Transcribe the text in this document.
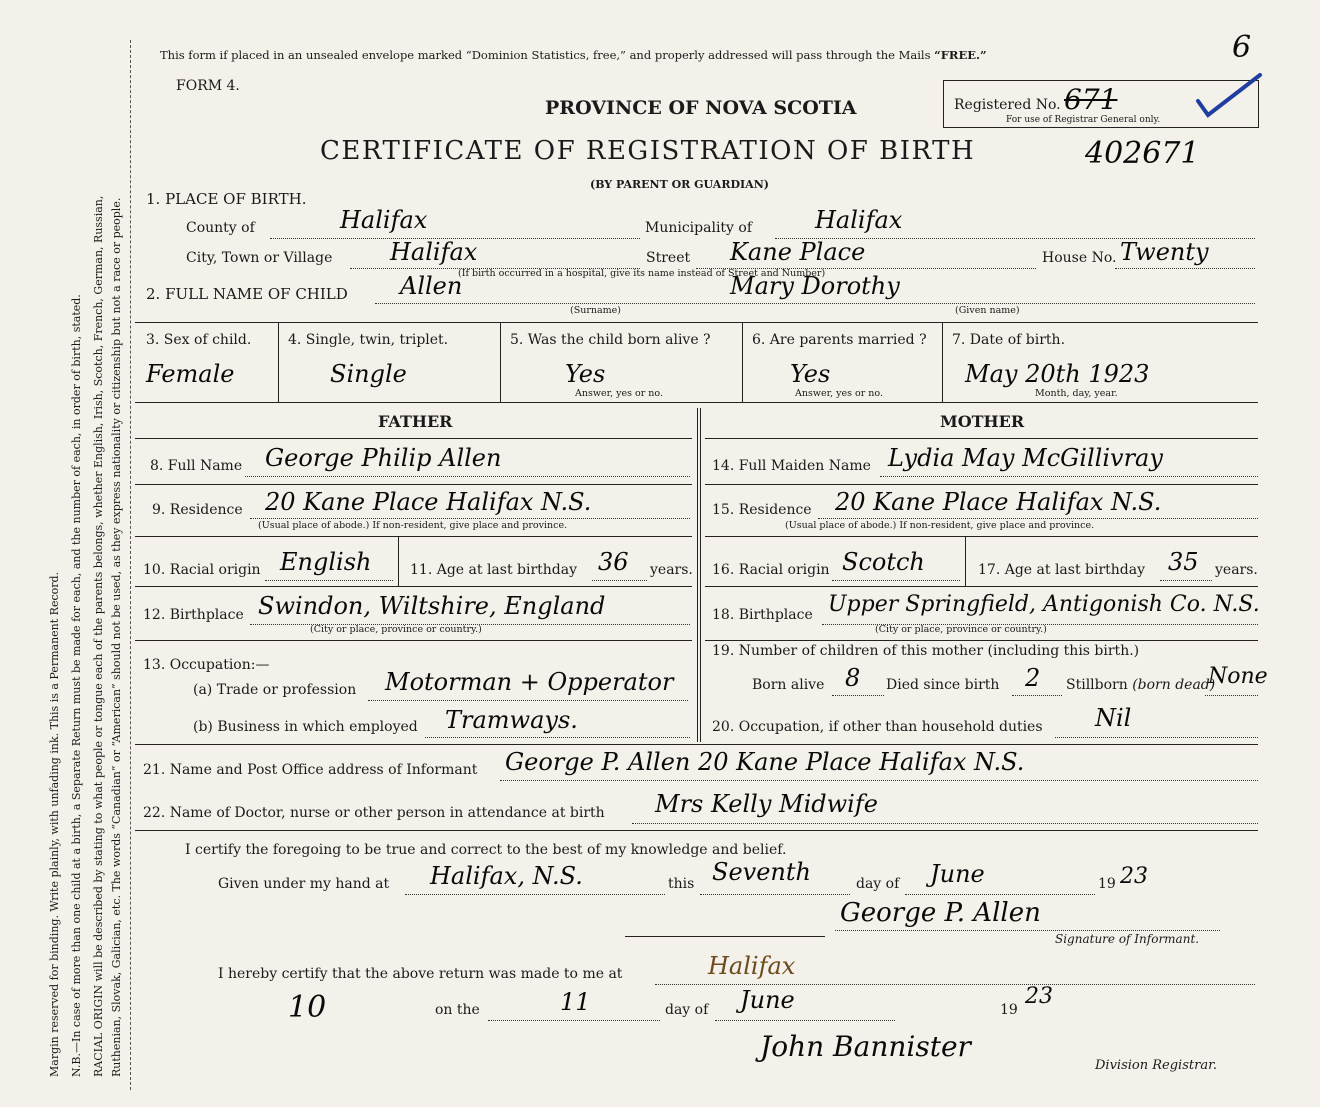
Margin reserved for binding. Write plainly, with unfading ink. This is a Permanent Record. N.B.—In case of more than one child at a birth, a Separate Return must be made for each, and the number of each, in order of birth, stated. RACIAL ORIGIN will be described by stating to what people or tongue each of the parents belongs, whether English, Irish, Scotch, French, German, Russian, Ruthenian, Slovak, Galician, etc. The words “Canadian” or “American” should not be used, as they express nationality or citizenship but not a race or people.
This form if placed in an unsealed envelope marked “Dominion Statistics, free,” and properly addressed will pass through the Mails “FREE.”
FORM 4.
PROVINCE OF NOVA SCOTIA
CERTIFICATE OF REGISTRATION OF BIRTH	402671
(BY PARENT OR GUARDIAN)
6
Registered No. 671
For use of Registrar General only.
1. PLACE OF BIRTH.
County of	Halifax	Municipality of	Halifax
City, Town or Village Halifax	Street Kane Place	House No. Twenty
(If birth occurred in a hospital, give its name instead of Street and Number)
2. FULL NAME OF CHILD Allen	Mary Dorothy
(Surname)	(Given name)
3. Sex of child.
Female
4. Single, twin, triplet.
Single
5. Was the child born alive ?
Yes
Answer, yes or no.
6. Are parents married ?
Yes
Answer, yes or no.
7. Date of birth.
May 20th 1923
Month, day, year.
FATHER	MOTHER
8. Full Name George Philip Allen
9. Residence 20 Kane Place Halifax N.S.
(Usual place of abode.) If non-resident, give place and province.
10. Racial origin English	11. Age at last birthday 36 years.
12. Birthplace Swindon, Wiltshire, England
(City or place, province or country.)
13. Occupation:—
(a) Trade or profession Motorman + Opperator
(b) Business in which employed Tramways.
14. Full Maiden Name Lydia May McGillivray
15. Residence 20 Kane Place Halifax N.S.
(Usual place of abode.) If non-resident, give place and province.
16. Racial origin Scotch	17. Age at last birthday 35 years.
18. Birthplace Upper Springfield, Antigonish Co. N.S.
(City or place, province or country.)
19. Number of children of this mother (including this birth.)
Born alive 8 Died since birth 2 Stillborn (born dead)
None
20. Occupation, if other than household duties Nil
21. Name and Post Office address of Informant George P. Allen 20 Kane Place Halifax N.S.
22. Name of Doctor, nurse or other person in attendance at birth Mrs Kelly Midwife
I certify the foregoing to be true and correct to the best of my knowledge and belief.
Given under my hand at Halifax, N.S.	this Seventh	day of June	19 23
George P. Allen
Signature of Informant.
I hereby certify that the above return was made to me at	Halifax
10	on the	11	day of June	19
23
John Bannister
Division Registrar.
